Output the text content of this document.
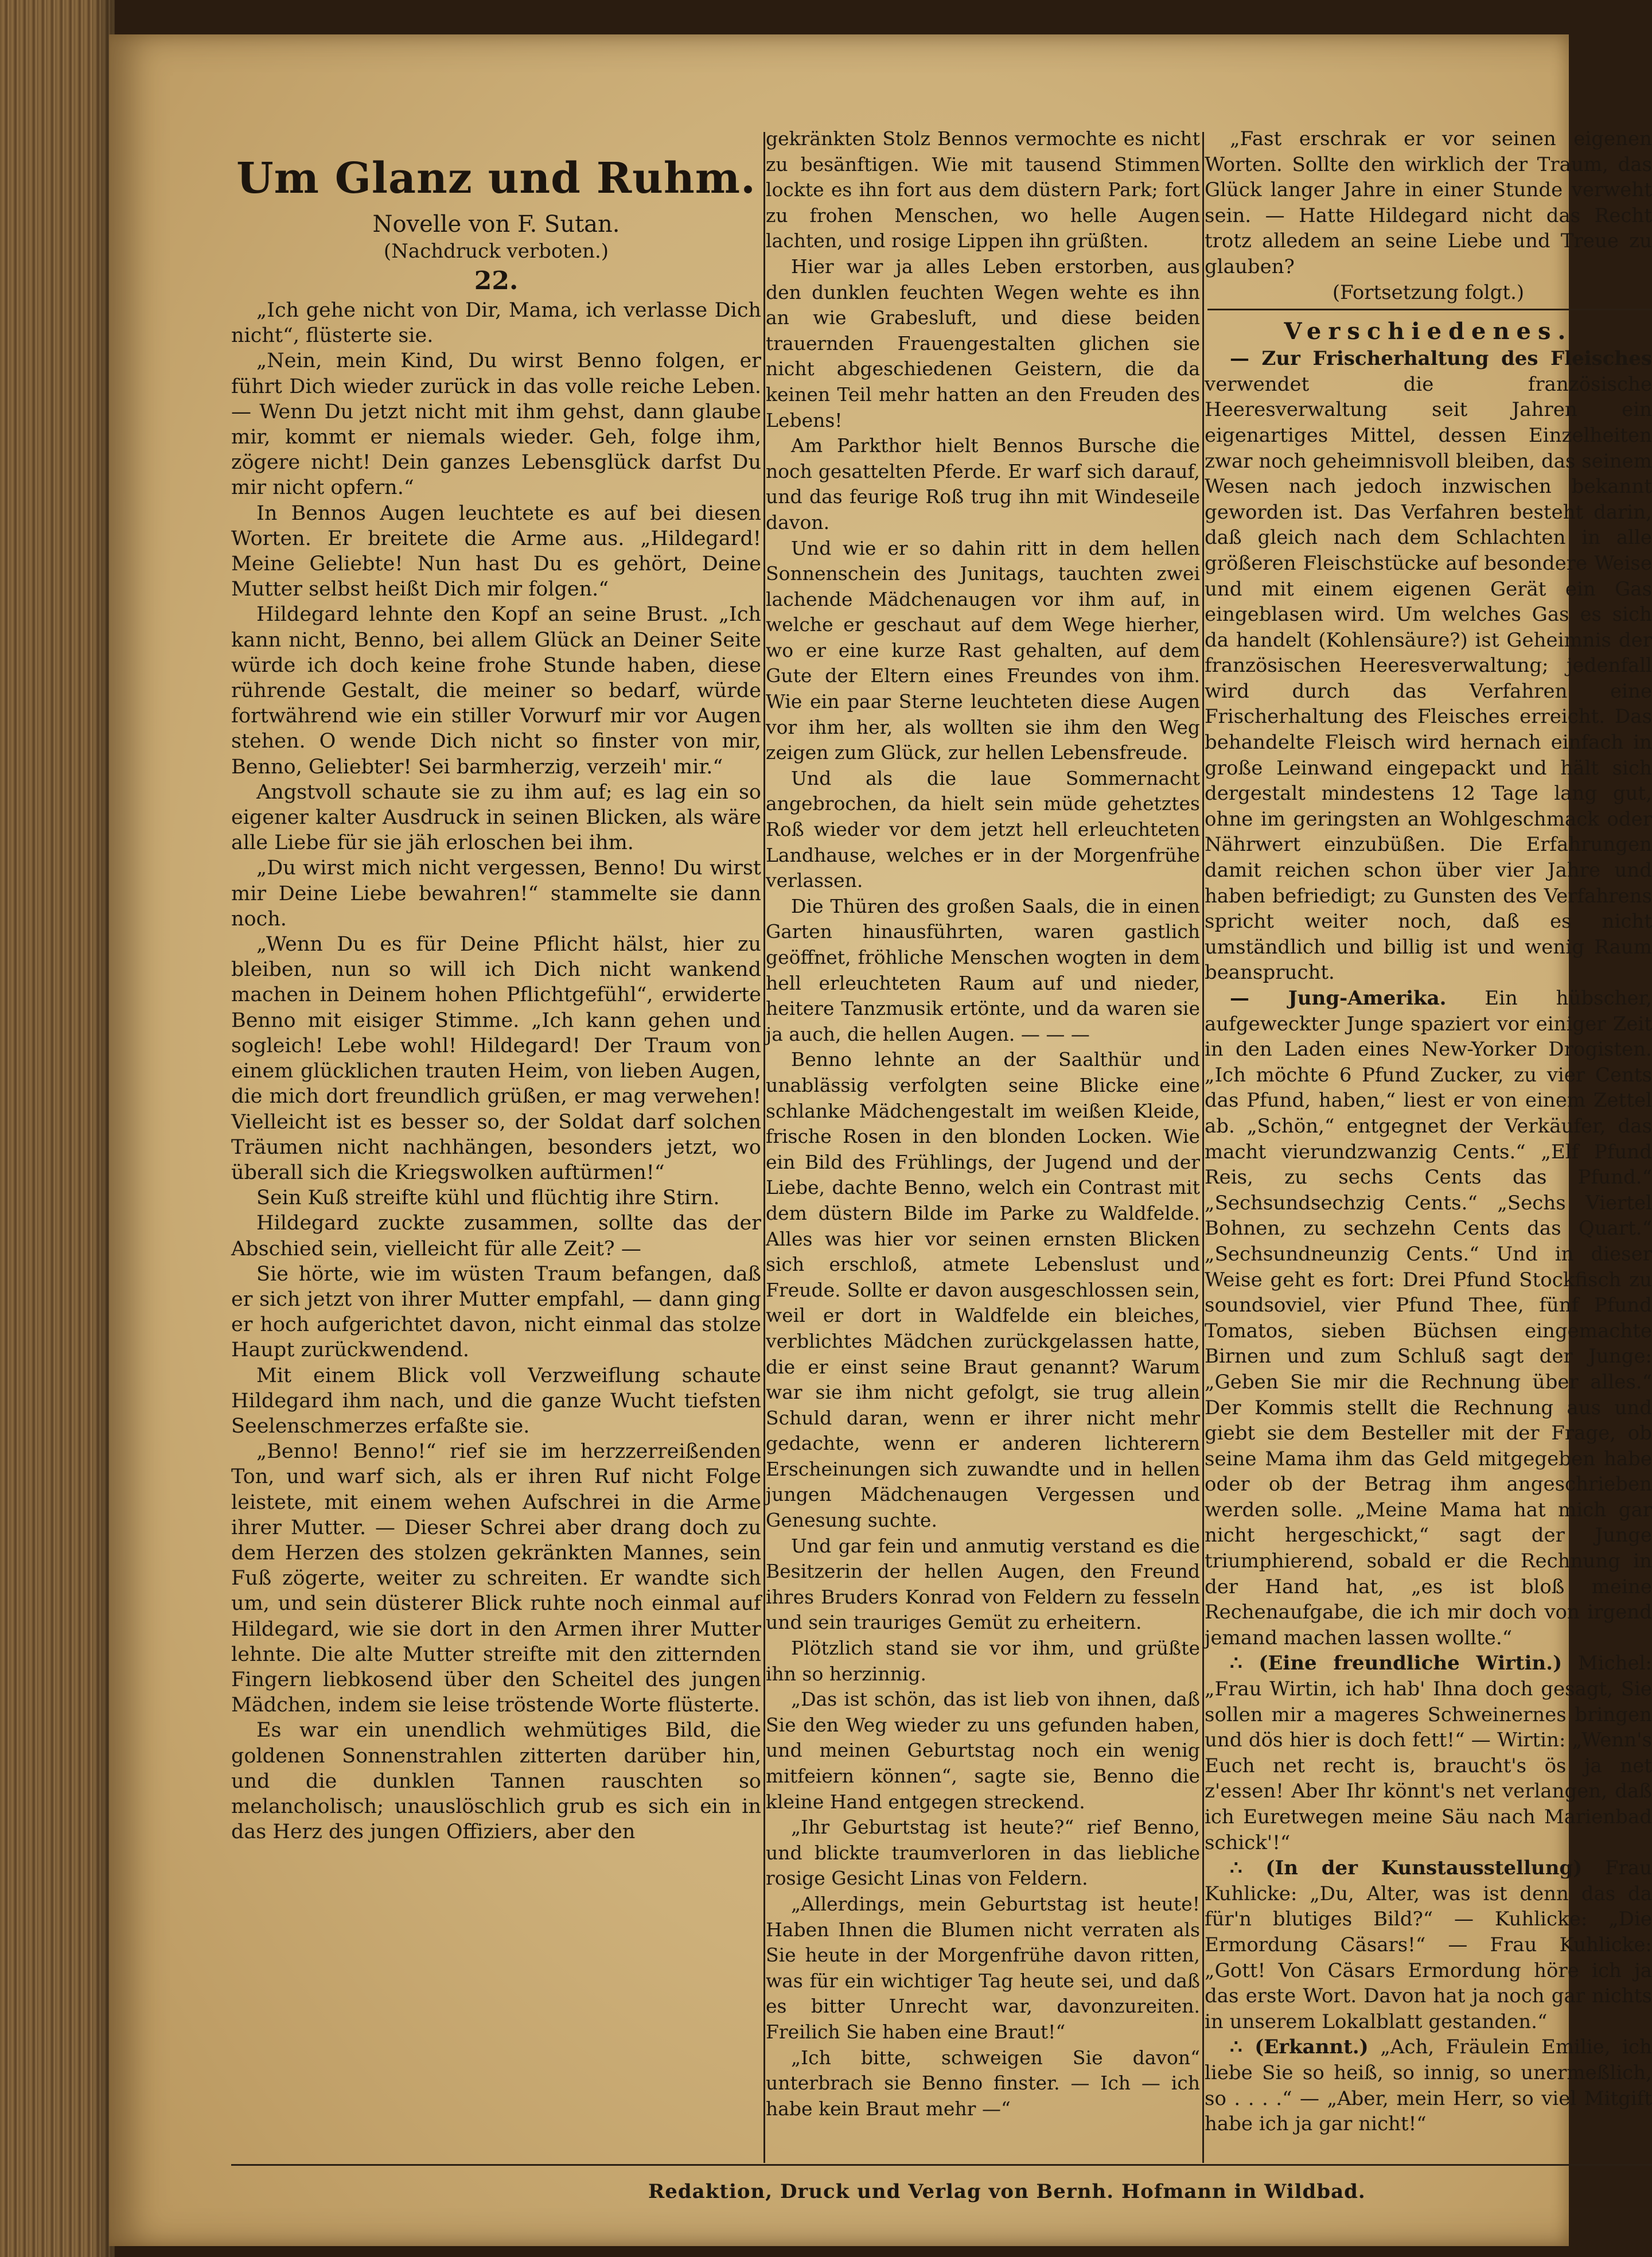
Um Glanz und Ruhm.
Novelle von F. Sutan.
(Nachdruck verboten.)
22.

„Ich gehe nicht von Dir, Mama, ich verlasse Dich nicht“, flüsterte sie.

„Nein, mein Kind, Du wirst Benno folgen, er führt Dich wieder zurück in das volle reiche Leben. — Wenn Du jetzt nicht mit ihm gehst, dann glaube mir, kommt er niemals wieder. Geh, folge ihm, zögere nicht! Dein ganzes Lebensglück darfst Du mir nicht opfern.“

In Bennos Augen leuchtete es auf bei diesen Worten. Er breitete die Arme aus. „Hildegard! Meine Geliebte! Nun hast Du es gehört, Deine Mutter selbst heißt Dich mir folgen.“

Hildegard lehnte den Kopf an seine Brust. „Ich kann nicht, Benno, bei allem Glück an Deiner Seite würde ich doch keine frohe Stunde haben, diese rührende Gestalt, die meiner so bedarf, würde fortwährend wie ein stiller Vorwurf mir vor Augen stehen. O wende Dich nicht so finster von mir, Benno, Geliebter! Sei barmherzig, verzeih' mir.“

Angstvoll schaute sie zu ihm auf; es lag ein so eigener kalter Ausdruck in seinen Blicken, als wäre alle Liebe für sie jäh erloschen bei ihm.

„Du wirst mich nicht vergessen, Benno! Du wirst mir Deine Liebe bewahren!“ stammelte sie dann noch.

„Wenn Du es für Deine Pflicht hälst, hier zu bleiben, nun so will ich Dich nicht wankend machen in Deinem hohen Pflichtgefühl“, erwiderte Benno mit eisiger Stimme. „Ich kann gehen und sogleich! Lebe wohl! Hildegard! Der Traum von einem glücklichen trauten Heim, von lieben Augen, die mich dort freundlich grüßen, er mag verwehen! Vielleicht ist es besser so, der Soldat darf solchen Träumen nicht nachhängen, besonders jetzt, wo überall sich die Kriegswolken auftürmen!“

Sein Kuß streifte kühl und flüchtig ihre Stirn.

Hildegard zuckte zusammen, sollte das der Abschied sein, vielleicht für alle Zeit? —

Sie hörte, wie im wüsten Traum befangen, daß er sich jetzt von ihrer Mutter empfahl, — dann ging er hoch aufgerichtet davon, nicht einmal das stolze Haupt zurückwendend.

Mit einem Blick voll Verzweiflung schaute Hildegard ihm nach, und die ganze Wucht tiefsten Seelenschmerzes erfaßte sie.

„Benno! Benno!“ rief sie im herzzerreißenden Ton, und warf sich, als er ihren Ruf nicht Folge leistete, mit einem wehen Aufschrei in die Arme ihrer Mutter. — Dieser Schrei aber drang doch zu dem Herzen des stolzen gekränkten Mannes, sein Fuß zögerte, weiter zu schreiten. Er wandte sich um, und sein düsterer Blick ruhte noch einmal auf Hildegard, wie sie dort in den Armen ihrer Mutter lehnte. Die alte Mutter streifte mit den zitternden Fingern liebkosend über den Scheitel des jungen Mädchen, indem sie leise tröstende Worte flüsterte.

Es war ein unendlich wehmütiges Bild, die goldenen Sonnenstrahlen zitterten darüber hin, und die dunklen Tannen rauschten so melancholisch; unauslöschlich grub es sich ein in das Herz des jungen Offiziers, aber den

gekränkten Stolz Bennos vermochte es nicht zu besänftigen. Wie mit tausend Stimmen lockte es ihn fort aus dem düstern Park; fort zu frohen Menschen, wo helle Augen lachten, und rosige Lippen ihn grüßten.

Hier war ja alles Leben erstorben, aus den dunklen feuchten Wegen wehte es ihn an wie Grabesluft, und diese beiden trauernden Frauengestalten glichen sie nicht abgeschiedenen Geistern, die da keinen Teil mehr hatten an den Freuden des Lebens!

Am Parkthor hielt Bennos Bursche die noch gesattelten Pferde. Er warf sich darauf, und das feurige Roß trug ihn mit Windeseile davon.

Und wie er so dahin ritt in dem hellen Sonnenschein des Junitags, tauchten zwei lachende Mädchenaugen vor ihm auf, in welche er geschaut auf dem Wege hierher, wo er eine kurze Rast gehalten, auf dem Gute der Eltern eines Freundes von ihm. Wie ein paar Sterne leuchteten diese Augen vor ihm her, als wollten sie ihm den Weg zeigen zum Glück, zur hellen Lebensfreude.

Und als die laue Sommernacht angebrochen, da hielt sein müde gehetztes Roß wieder vor dem jetzt hell erleuchteten Landhause, welches er in der Morgenfrühe verlassen.

Die Thüren des großen Saals, die in einen Garten hinausführten, waren gastlich geöffnet, fröhliche Menschen wogten in dem hell erleuchteten Raum auf und nieder, heitere Tanzmusik ertönte, und da waren sie ja auch, die hellen Augen. — — —

Benno lehnte an der Saalthür und unablässig verfolgten seine Blicke eine schlanke Mädchengestalt im weißen Kleide, frische Rosen in den blonden Locken. Wie ein Bild des Frühlings, der Jugend und der Liebe, dachte Benno, welch ein Contrast mit dem düstern Bilde im Parke zu Waldfelde. Alles was hier vor seinen ernsten Blicken sich erschloß, atmete Lebenslust und Freude. Sollte er davon ausgeschlossen sein, weil er dort in Waldfelde ein bleiches, verblichtes Mädchen zurückgelassen hatte, die er einst seine Braut genannt? Warum war sie ihm nicht gefolgt, sie trug allein Schuld daran, wenn er ihrer nicht mehr gedachte, wenn er anderen lichterern Erscheinungen sich zuwandte und in hellen jungen Mädchenaugen Vergessen und Genesung suchte.

Und gar fein und anmutig verstand es die Besitzerin der hellen Augen, den Freund ihres Bruders Konrad von Feldern zu fesseln und sein trauriges Gemüt zu erheitern.

Plötzlich stand sie vor ihm, und grüßte ihn so herzinnig.

„Das ist schön, das ist lieb von ihnen, daß Sie den Weg wieder zu uns gefunden haben, und meinen Geburtstag noch ein wenig mitfeiern können“, sagte sie, Benno die kleine Hand entgegen streckend.

„Ihr Geburtstag ist heute?“ rief Benno, und blickte traumverloren in das liebliche rosige Gesicht Linas von Feldern.

„Allerdings, mein Geburtstag ist heute! Haben Ihnen die Blumen nicht verraten als Sie heute in der Morgenfrühe davon ritten, was für ein wichtiger Tag heute sei, und daß es bitter Unrecht war, davonzureiten. Freilich Sie haben eine Braut!“

„Ich bitte, schweigen Sie davon“ unterbrach sie Benno finster. — Ich — ich habe kein Braut mehr —“

„Fast erschrak er vor seinen eigenen Worten. Sollte den wirklich der Traum, das Glück langer Jahre in einer Stunde verweht sein. — Hatte Hildegard nicht das Recht trotz alledem an seine Liebe und Treue zu glauben?

(Fortsetzung folgt.)

Verschiedenes.

— Zur Frischerhaltung des Fleisches verwendet die französische Heeresverwaltung seit Jahren ein eigenartiges Mittel, dessen Einzelheiten zwar noch geheimnisvoll bleiben, das seinem Wesen nach jedoch inzwischen bekannt geworden ist. Das Verfahren besteht darin, daß gleich nach dem Schlachten in alle größeren Fleischstücke auf besondere Weise und mit einem eigenen Gerät ein Gas eingeblasen wird. Um welches Gas es sich da handelt (Kohlensäure?) ist Geheimnis der französischen Heeresverwaltung; jedenfall wird durch das Verfahren eine Frischerhaltung des Fleisches erreicht. Das behandelte Fleisch wird hernach einfach in große Leinwand eingepackt und hält sich dergestalt mindestens 12 Tage lang gut, ohne im geringsten an Wohlgeschmack oder Nährwert einzubüßen. Die Erfahrungen damit reichen schon über vier Jahre und haben befriedigt; zu Gunsten des Verfahrens spricht weiter noch, daß es nicht umständlich und billig ist und wenig Raum beansprucht.

— Jung-Amerika. Ein hübscher, aufgeweckter Junge spaziert vor einiger Zeit in den Laden eines New-Yorker Drogisten. „Ich möchte 6 Pfund Zucker, zu vier Cents das Pfund, haben,“ liest er von einem Zettel ab. „Schön,“ entgegnet der Verkäufer, das macht vierundzwanzig Cents.“ „Elf Pfund Reis, zu sechs Cents das Pfund.“ „Sechsundsechzig Cents.“ „Sechs Viertel Bohnen, zu sechzehn Cents das Quart.“ „Sechsundneunzig Cents.“ Und in dieser Weise geht es fort: Drei Pfund Stockfisch zu soundsoviel, vier Pfund Thee, fünf Pfund Tomatos, sieben Büchsen eingemachte Birnen und zum Schluß sagt der Junge: „Geben Sie mir die Rechnung über alles.“ Der Kommis stellt die Rechnung aus und giebt sie dem Besteller mit der Frage, ob seine Mama ihm das Geld mitgegeben habe oder ob der Betrag ihm angeschrieben werden solle. „Meine Mama hat mich gar nicht hergeschickt,“ sagt der Junge triumphierend, sobald er die Rechnung in der Hand hat, „es ist bloß meine Rechenaufgabe, die ich mir doch von irgend jemand machen lassen wollte.“

∴ (Eine freundliche Wirtin.) Michel: „Frau Wirtin, ich hab' Ihna doch gesagt, Sie sollen mir a mageres Schweinernes bringen und dös hier is doch fett!“ — Wirtin: „Wenn's Euch net recht is, braucht's ös ja net z'essen! Aber Ihr könnt's net verlangen, daß ich Euretwegen meine Säu nach Marienbad schick'!“

∴ (In der Kunstausstellung) Frau Kuhlicke: „Du, Alter, was ist denn das da für'n blutiges Bild?“ — Kuhlicke: „Die Ermordung Cäsars!“ — Frau Kuhlicke: „Gott! Von Cäsars Ermordung höre ich ja das erste Wort. Davon hat ja noch gar nichts in unserem Lokalblatt gestanden.“

∴ (Erkannt.) „Ach, Fräulein Emilie, ich liebe Sie so heiß, so innig, so unermeßlich, so . . . .“ — „Aber, mein Herr, so viel Mitgift habe ich ja gar nicht!“

Redaktion, Druck und Verlag von Bernh. Hofmann in Wildbad.
